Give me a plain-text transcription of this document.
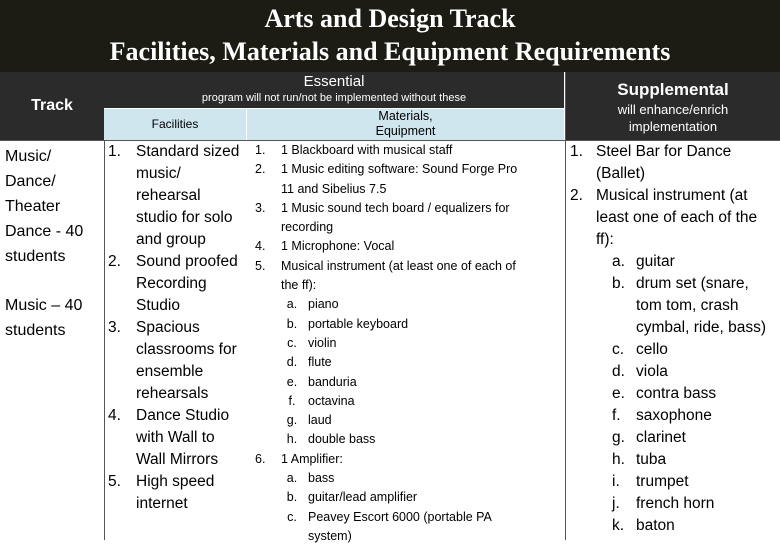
Arts and Design Track
Facilities, Materials and Equipment Requirements
Track
Essential
program will not run/not be implemented without these	Supplemental
will enhance/enrich
implementation
Facilities
Materials,
Equipment
Music/
Dance/
Theater
Dance - 40
students
Music – 40
students
1. Standard sized
music/
rehearsal
studio for solo
and group
2. Sound proofed
Recording
Studio
3. Spacious
classrooms for
ensemble
rehearsals
4. Dance Studio
with Wall to
Wall Mirrors
5. High speed
internet
1. 1 Blackboard with musical staff
2. 1 Music editing software: Sound Forge Pro
11 and Sibelius 7.5
3. 1 Music sound tech board / equalizers for
recording
4. 1 Microphone: Vocal
5. Musical instrument (at least one of each of
the ff):
a. piano
b. portable keyboard
c. violin
d. flute
e. banduria
f.	octavina
g. laud
h. double bass
6. 1 Amplifier:
a. bass
b. guitar/lead amplifier
c. Peavey Escort 6000 (portable PA
system)
1. Steel Bar for Dance
(Ballet)
2. Musical instrument (at
least one of each of the
ff):
a. guitar
b. drum set (snare,
tom tom, crash
cymbal, ride, bass)
c. cello
d. viola
e. contra bass
f. saxophone
g. clarinet
h. tuba
i. trumpet
j. french horn
k. baton
